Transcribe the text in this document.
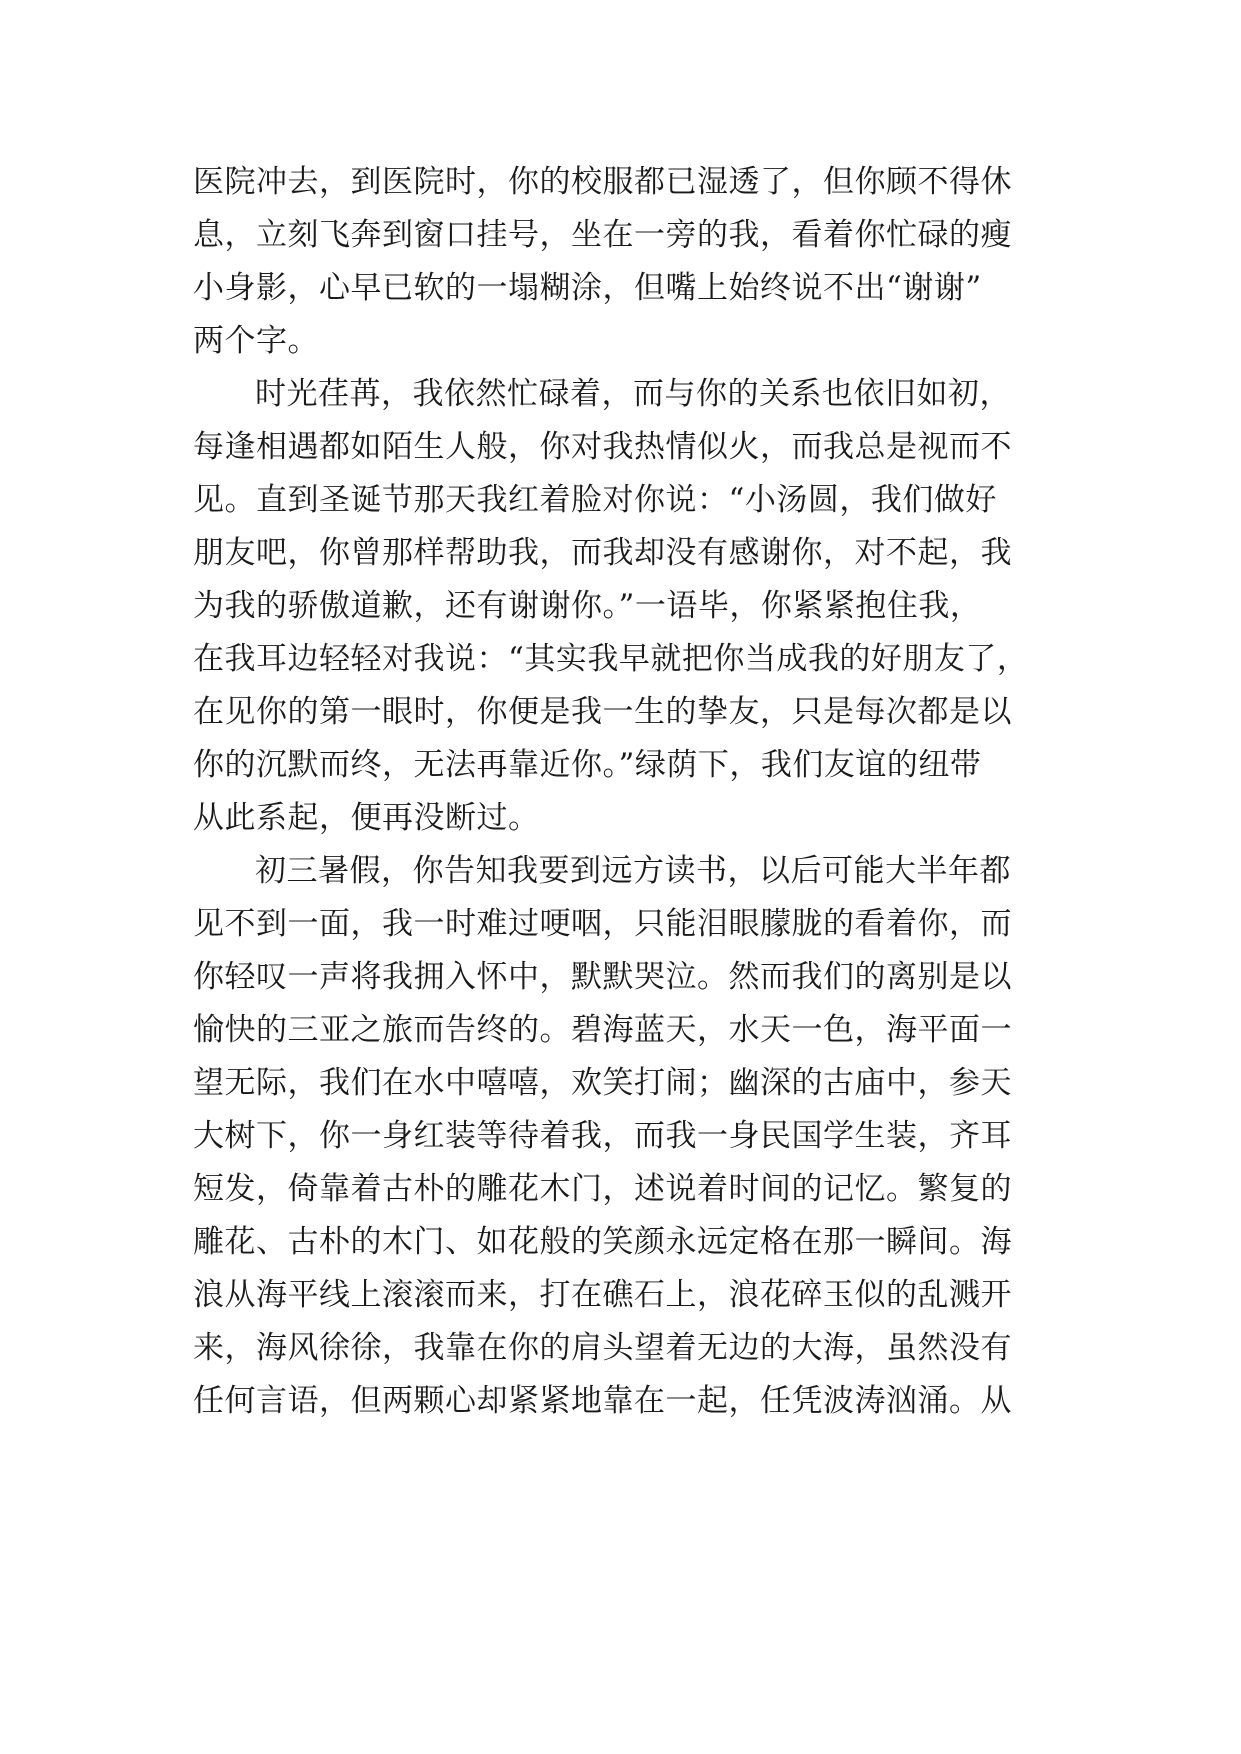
医院冲去，到医院时，你的校服都已湿透了，但你顾不得休
息，立刻飞奔到窗口挂号，坐在一旁的我，看着你忙碌的瘦
小身影，心早已软的一塌糊涂，但嘴上始终说不出“谢谢”
两个字。
时光荏苒，我依然忙碌着，而与你的关系也依旧如初，
每逢相遇都如陌生人般，你对我热情似火，而我总是视而不
见。直到圣诞节那天我红着脸对你说：“小汤圆，我们做好
朋友吧，你曾那样帮助我，而我却没有感谢你，对不起，我
为我的骄傲道歉，还有谢谢你。”一语毕，你紧紧抱住我，
在我耳边轻轻对我说：“其实我早就把你当成我的好朋友了，
在见你的第一眼时，你便是我一生的挚友，只是每次都是以
你的沉默而终，无法再靠近你。”绿荫下，我们友谊的纽带
从此系起，便再没断过。
初三暑假，你告知我要到远方读书，以后可能大半年都
见不到一面，我一时难过哽咽，只能泪眼朦胧的看着你，而
你轻叹一声将我拥入怀中，默默哭泣。然而我们的离别是以
愉快的三亚之旅而告终的。碧海蓝天，水天一色，海平面一
望无际，我们在水中嘻嘻，欢笑打闹；幽深的古庙中，参天
大树下，你一身红装等待着我，而我一身民国学生装，齐耳
短发，倚靠着古朴的雕花木门，述说着时间的记忆。繁复的
雕花、古朴的木门、如花般的笑颜永远定格在那一瞬间。海
浪从海平线上滚滚而来，打在礁石上，浪花碎玉似的乱溅开
来，海风徐徐，我靠在你的肩头望着无边的大海，虽然没有
任何言语，但两颗心却紧紧地靠在一起，任凭波涛汹涌。从
